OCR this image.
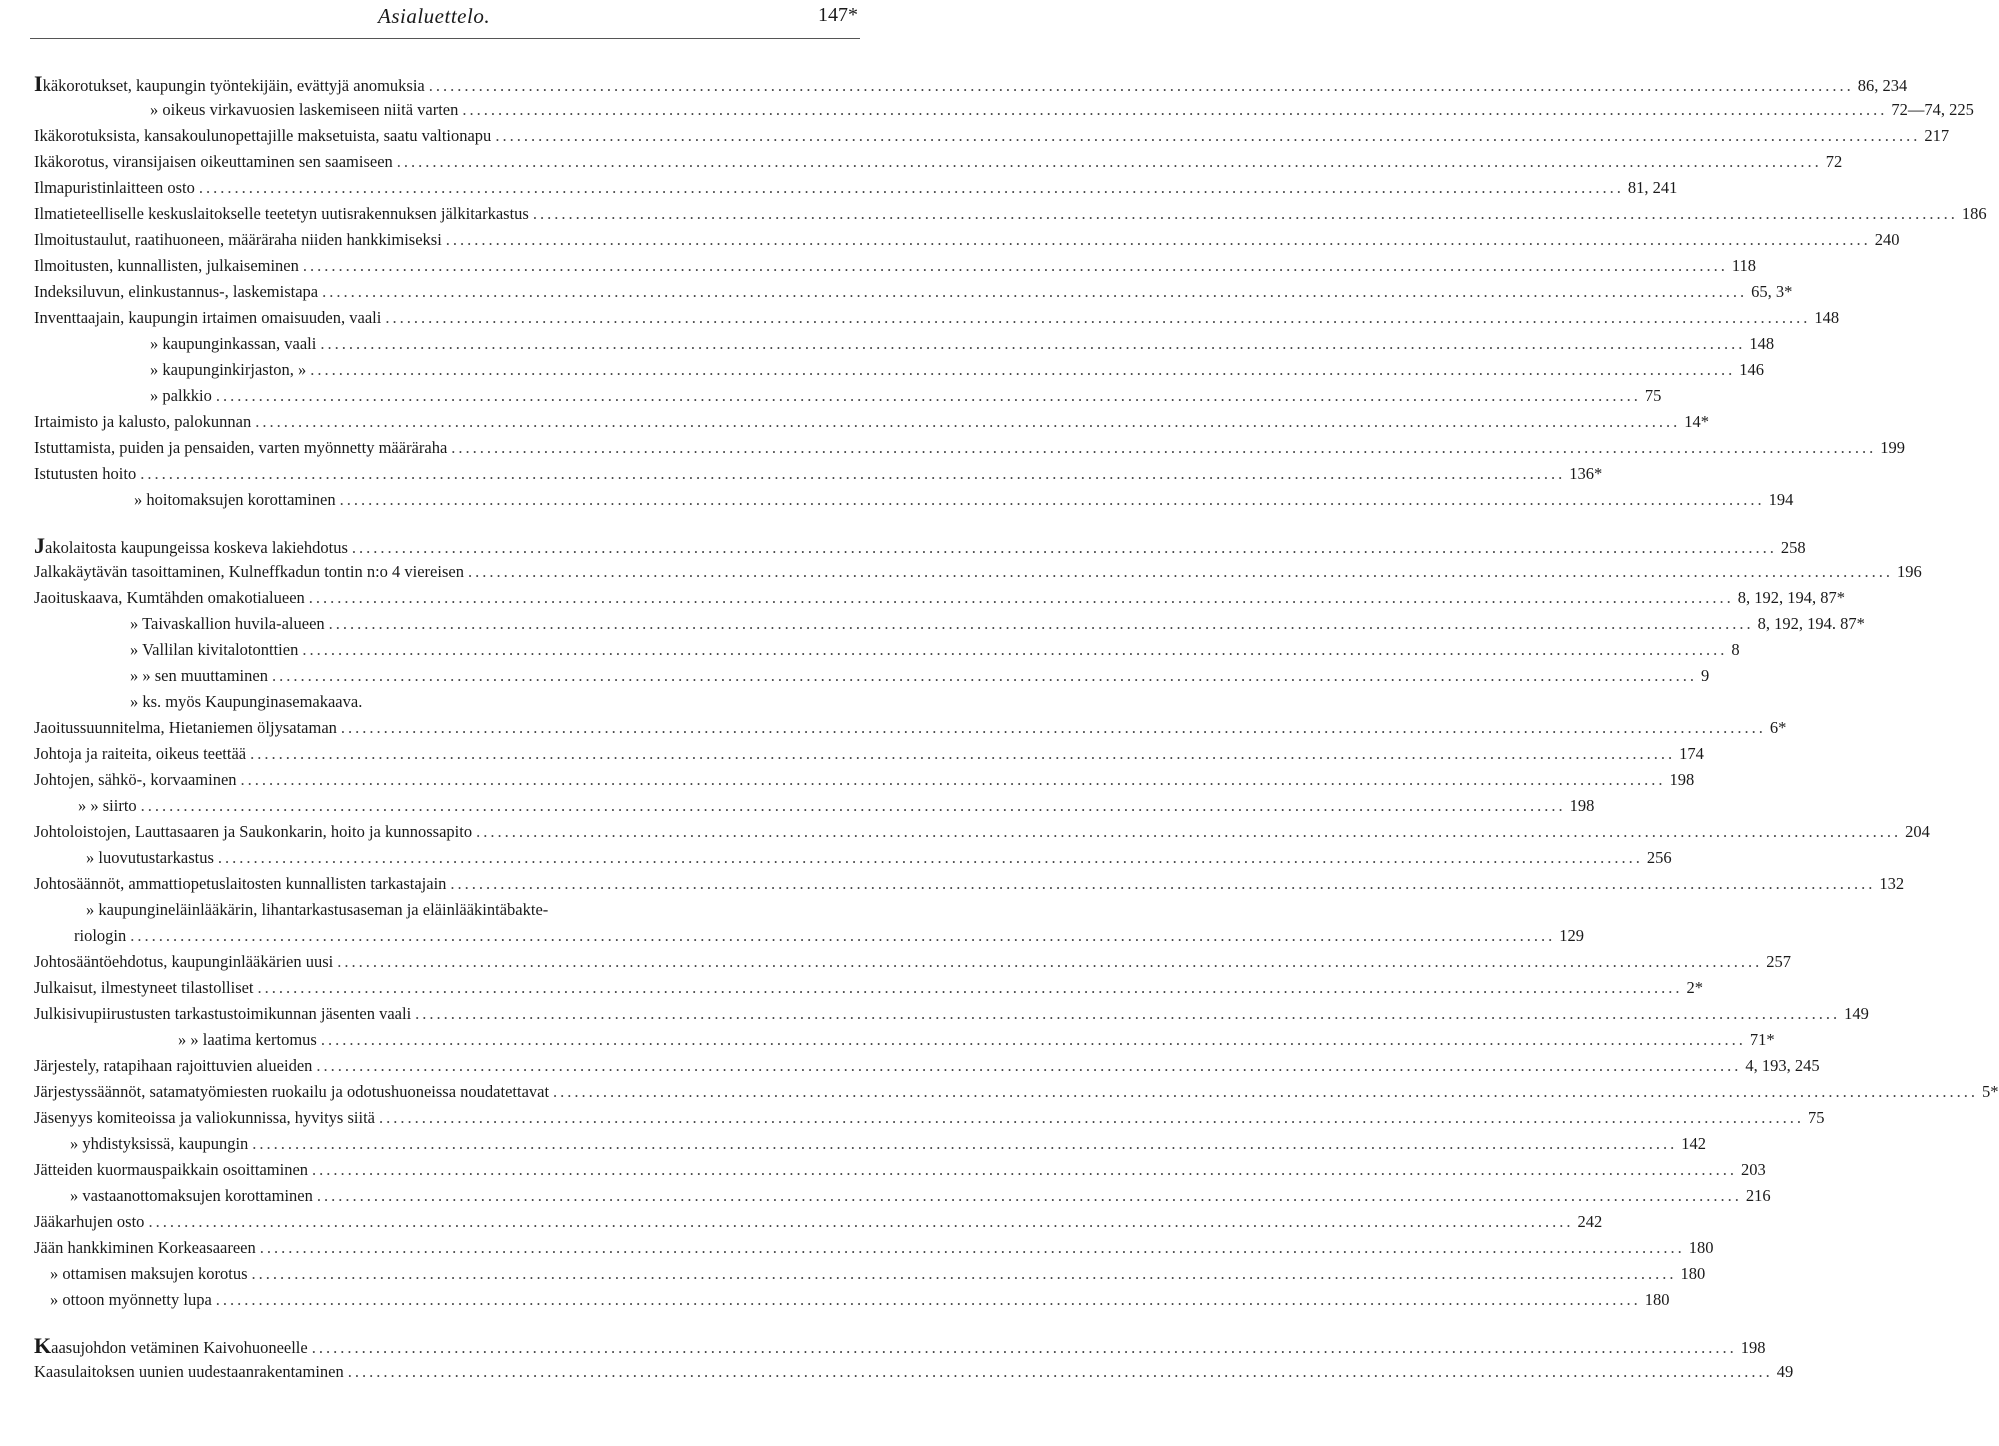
Asialuettelo.	147*
Ikäkorotukset, kaupungin työntekijäin, evättyjä anomuksia ........................................................................................................................................................................................................ 86, 234
» oikeus virkavuosien laskemiseen niitä varten ........................................................................................................................................................................................................ 72—74, 225
Ikäkorotuksista, kansakoulunopettajille maksetuista, saatu valtionapu ........................................................................................................................................................................................................ 217
Ikäkorotus, viransijaisen oikeuttaminen sen saamiseen ........................................................................................................................................................................................................ 72
Ilmapuristinlaitteen osto ........................................................................................................................................................................................................ 81, 241
Ilmatieteelliselle keskuslaitokselle teetetyn uutisrakennuksen jälkitarkastus ........................................................................................................................................................................................................ 186
Ilmoitustaulut, raatihuoneen, määräraha niiden hankkimiseksi ........................................................................................................................................................................................................ 240
Ilmoitusten, kunnallisten, julkaiseminen ........................................................................................................................................................................................................ 118
Indeksiluvun, elinkustannus-, laskemistapa ........................................................................................................................................................................................................ 65, 3*
Inventtaajain, kaupungin irtaimen omaisuuden, vaali ........................................................................................................................................................................................................ 148
» kaupunginkassan, vaali ........................................................................................................................................................................................................ 148
» kaupunginkirjaston, » ........................................................................................................................................................................................................ 146
» palkkio ........................................................................................................................................................................................................ 75
Irtaimisto ja kalusto, palokunnan ........................................................................................................................................................................................................ 14*
Istuttamista, puiden ja pensaiden, varten myönnetty määräraha ........................................................................................................................................................................................................ 199
Istutusten hoito ........................................................................................................................................................................................................ 136*
» hoitomaksujen korottaminen ........................................................................................................................................................................................................ 194
Jakolaitosta kaupungeissa koskeva lakiehdotus ........................................................................................................................................................................................................ 258
Jalkakäytävän tasoittaminen, Kulneffkadun tontin n:o 4 viereisen ........................................................................................................................................................................................................ 196
Jaoituskaava, Kumtähden omakotialueen ........................................................................................................................................................................................................ 8, 192, 194, 87*
» Taivaskallion huvila-alueen ........................................................................................................................................................................................................ 8, 192, 194. 87*
» Vallilan kivitalotonttien ........................................................................................................................................................................................................ 8
» » sen muuttaminen ........................................................................................................................................................................................................ 9
» ks. myös Kaupunginasemakaava.
Jaoitussuunnitelma, Hietaniemen öljysataman ........................................................................................................................................................................................................ 6*
Johtoja ja raiteita, oikeus teettää ........................................................................................................................................................................................................ 174
Johtojen, sähkö-, korvaaminen ........................................................................................................................................................................................................ 198
» » siirto ........................................................................................................................................................................................................ 198
Johtoloistojen, Lauttasaaren ja Saukonkarin, hoito ja kunnossapito ........................................................................................................................................................................................................ 204
» luovutustarkastus ........................................................................................................................................................................................................ 256
Johtosäännöt, ammattiopetuslaitosten kunnallisten tarkastajain ........................................................................................................................................................................................................ 132
» kaupungineläinlääkärin, lihantarkastusaseman ja eläinlääkintäbakte-
riologin ........................................................................................................................................................................................................ 129
Johtosääntöehdotus, kaupunginlääkärien uusi ........................................................................................................................................................................................................ 257
Julkaisut, ilmestyneet tilastolliset ........................................................................................................................................................................................................ 2*
Julkisivupiirustusten tarkastustoimikunnan jäsenten vaali ........................................................................................................................................................................................................ 149
» » laatima kertomus ........................................................................................................................................................................................................ 71*
Järjestely, ratapihaan rajoittuvien alueiden ........................................................................................................................................................................................................ 4, 193, 245
Järjestyssäännöt, satamatyömiesten ruokailu ja odotushuoneissa noudatettavat ........................................................................................................................................................................................................ 5*
Jäsenyys komiteoissa ja valiokunnissa, hyvitys siitä ........................................................................................................................................................................................................ 75
» yhdistyksissä, kaupungin ........................................................................................................................................................................................................ 142
Jätteiden kuormauspaikkain osoittaminen ........................................................................................................................................................................................................ 203
» vastaanottomaksujen korottaminen ........................................................................................................................................................................................................ 216
Jääkarhujen osto ........................................................................................................................................................................................................ 242
Jään hankkiminen Korkeasaareen ........................................................................................................................................................................................................ 180
» ottamisen maksujen korotus ........................................................................................................................................................................................................ 180
» ottoon myönnetty lupa ........................................................................................................................................................................................................ 180
Kaasujohdon vetäminen Kaivohuoneelle ........................................................................................................................................................................................................ 198
Kaasulaitoksen uunien uudestaanrakentaminen ........................................................................................................................................................................................................ 49
